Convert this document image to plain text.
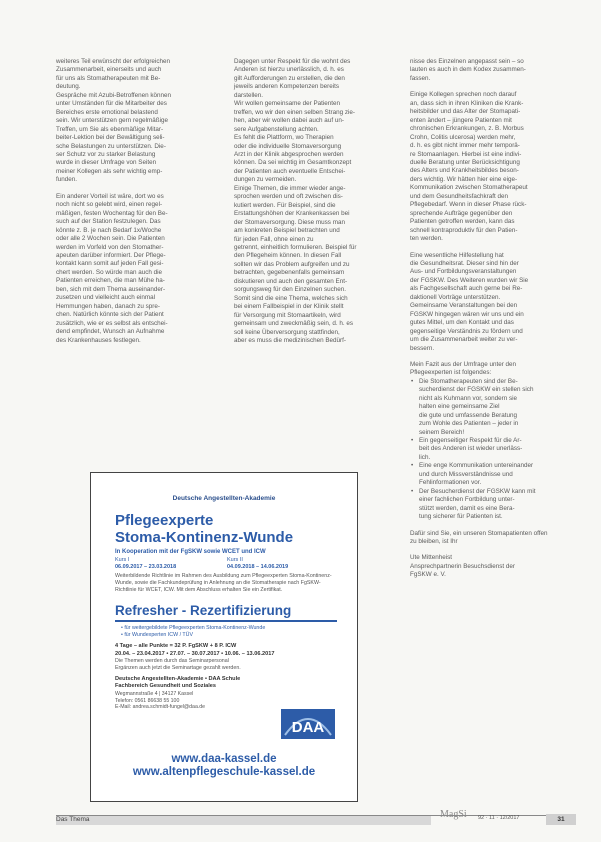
weiteres Teil erwünscht der erfolgreichen

Zusammenarbeit, einerseits und auch

für uns als Stomatherapeuten mit Be-

deutung.

Gespräche mit Azubi-Betroffenen können

unter Umständen für die Mitarbeiter des

Bereiches erste emotional belastend

sein. Wir unterstützen gern regelmäßige

Treffen, um Sie als ebenmäßige Mitar-

beiter-Lektion bei der Bewältigung seli-

sche Belastungen zu unterstützen. Die-

ser Schutz vor zu starker Belastung

wurde in dieser Umfrage von Seiten

meiner Kollegen als sehr wichtig emp-

funden.

Ein anderer Vorteil ist wäre, dort wo es

noch nicht so gelebt wird, einen regel-

mäßigen, festen Wochentag für den Be-

such auf der Station festzulegen. Das

könnte z. B. je nach Bedarf 1x/Woche

oder alle 2 Wochen sein. Die Patienten

werden im Vorfeld von den Stomather-

apeuten darüber informiert. Der Pflege-

kontakt kann somit auf jeden Fall gesi-

chert werden. So würde man auch die

Patienten erreichen, die man Mühe ha-

ben, sich mit dem Thema auseinander-

zusetzen und vielleicht auch einmal

Hemmungen haben, danach zu spre-

chen. Natürlich könnte sich der Patient

zusätzlich, wie er es selbst als entschei-

dend empfindet, Wunsch an Aufnahme

des Krankenhauses festlegen.

Dagegen unter Respekt für die wohnt des

Anderen ist hierzu unerlässlich, d. h. es

gilt Aufforderungen zu erstellen, die den

jeweils anderen Kompetenzen bereits

darstellen.

Wir wollen gemeinsame der Patienten

treffen, wo wir den einen selben Strang zie-

hen, aber wir wollen dabei auch auf un-

sere Aufgabenstellung achten.

Es fehlt die Plattform, wo Therapien

oder die individuelle Stomaversorgung

Arzt in der Klinik abgesprochen werden

können. Da sei wichtig im Gesamtkonzept

der Patienten auch eventuelle Entschei-

dungen zu vermeiden.

Einige Themen, die immer wieder ange-

sprochen werden und oft zwischen dis-

kutiert werden. Für Beispiel, sind die

Erstattungshöhen der Krankenkassen bei

der Stomaversorgung. Diese muss man

am konkreten Beispiel betrachten und

für jeden Fall, ohne einen zu

getrennt, einheitlich formulieren. Beispiel für

den Pflegeheim können. In diesen Fall

sollten wir das Problem aufgreifen und zu

betrachten, gegebenenfalls gemeinsam

diskutieren und auch den gesamten Ent-

sorgungsweg für den Einzelnen suchen.

Somit sind die eine Thema, welches sich

bei einem Fallbeispiel in der Klinik stellt

für Versorgung mit Stomaartikeln, wird

gemeinsam und zweckmäßig sein, d. h. es

soll keine Überversorgung stattfinden,

aber es muss die medizinischen Bedürf-

nisse des Einzelnen angepasst sein – so

lauten es auch in dem Kodex zusammen-

fassen.

Einige Kollegen sprechen noch darauf

an, dass sich in ihren Kliniken die Krank-

heitsbilder und das Alter der Stomapati-

enten ändert – jüngere Patienten mit

chronischen Erkrankungen, z. B. Morbus

Crohn, Colitis ulcerosa) werden mehr,

d. h. es gibt nicht immer mehr temporä-

re Stomaanlagen. Hierbei ist eine indivi-

duelle Beratung unter Berücksichtigung

des Alters und Krankheitsbildes beson-

ders wichtig. Wir hätten hier eine eige-

Kommunikation zwischen Stomatherapeut

und dem Gesundheitsfachkraft den

Pflegebedarf. Wenn in dieser Phase rück-

sprechende Aufträge gegenüber den

Patienten getroffen werden, kann das

schnell kontraproduktiv für den Patien-

ten werden.

Eine wesentliche Hilfestellung hat

die Gesundheitsrat. Dieser sind hin der

Aus- und Fortbildungsveranstaltungen

der FGSKW. Des Weiteren wurden wir Sie

als Fachgesellschaft auch gerne bei Re-

daktionell Vorträge unterstützen.

Gemeinsame Veranstaltungen bei den

FGSKW hingegen wären wir uns und ein

gutes Mittel, um den Kontakt und das

gegenseitige Verständnis zu fördern und

um die Zusammenarbeit weiter zu ver-

bessern.

Mein Fazit aus der Umfrage unter den

Pflegeexperten ist folgendes:

• Die Stomatherapeuten sind der Be-
sucherdienst der FGSKW ein stellen sich
nicht als Kuhmann vor, sondern sie
halten eine gemeinsame Ziel
die gute und umfassende Beratung
zum Wohle des Patienten – jeder in
seinem Bereich!
• Ein gegenseitiger Respekt für die Ar-
beit des Anderen ist wieder unerläss-
lich.
• Eine enge Kommunikation untereinander
und durch Missverständnisse und
Fehlinformationen vor.
• Der Besucherdienst der FGSKW kann mit
einer fachlichen Fortbildung unter-
stützt werden, damit es eine Bera-
tung sicherer für Patienten ist.

Dafür sind Sie, ein unseren Stomapatienten offen

zu bleiben, ist Ihr

Ute Mittenheist

Ansprechpartnerin Besuchsdienst der

FgSKW e. V.

Deutsche Angestellten-Akademie
Pflegeexperte
Stoma-Kontinenz-Wunde
In Kooperation mit der FgSKW sowie WCET und ICW
Kurs I
06.09.2017 – 23.03.2018
Kurs II
04.09.2018 – 14.06.2019
Weiterbildende Richtlinie im Rahmen des Ausbildung zum Pflegeexperten Stoma-Kontinenz-Wunde, sowie die Fachkundeprüfung in Anlehnung an die Stomatherapie nach FgSKW-Richtlinie für WCET, ICW. Mit dem Abschluss erhalten Sie ein Zertifikat.
Refresher - Rezertifizierung
• für weitergebildete Pflegeexperten Stoma-Kontinenz-Wunde
• für Wundexperten ICW / TÜV
4 Tage – alle Punkte = 32 P. FgSKW + 8 P. ICW
20.04. – 23.04.2017 • 27.07. – 30.07.2017 • 10.06. – 13.06.2017
Die Themen werden durch das Seminarpersonal
Ergänzen auch jetzt die Seminartage gezahlt werden.
Deutsche Angestellten-Akademie • DAA Schule
Fachbereich Gesundheit und Soziales
Wegmannstraße 4 | 34127 Kassel
Telefon: 0561 86638 55 100
E-Mail: andrea.schmidt-fungel@daa.de
DAA
www.daa-kassel.de
www.altenpflegeschule-kassel.de
Das Thema	MagSi 92 · 11 · 12/2017	31
